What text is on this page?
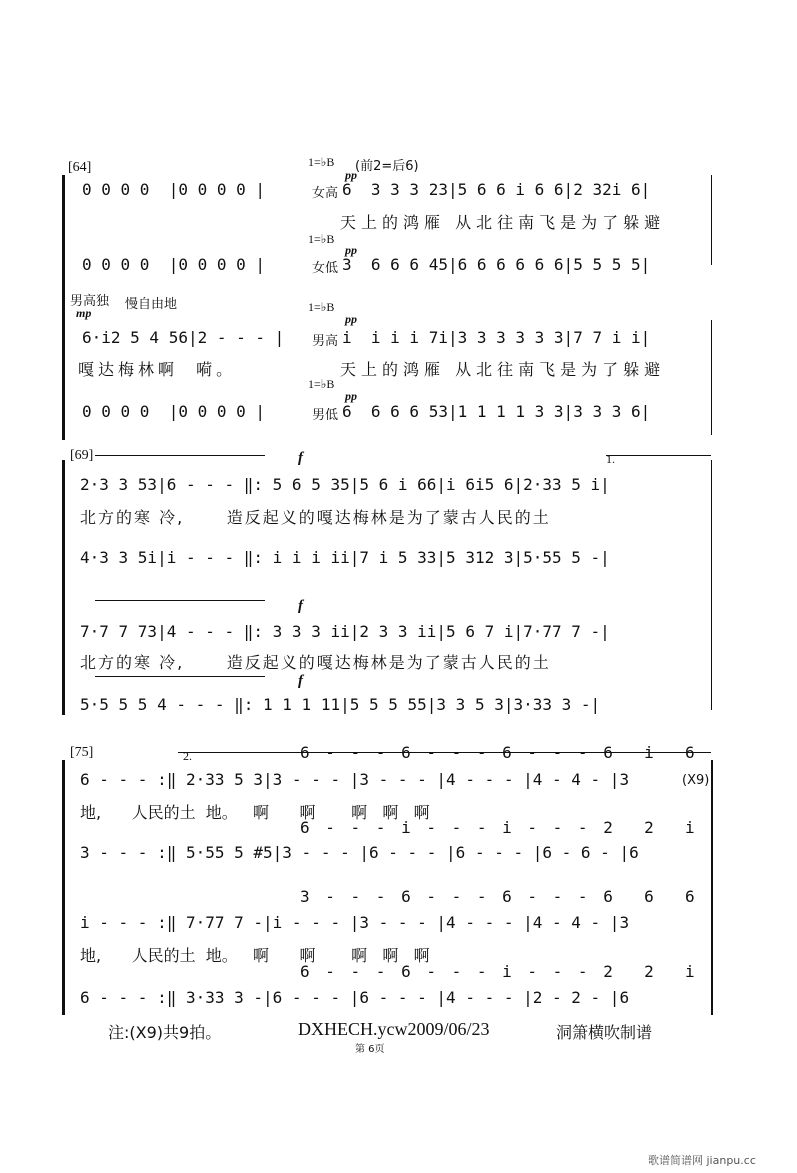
[64]	1=♭B
pp
(前2=后6)
0 0 0 0  |0 0 0 0 |	女高 6  3 3 3 23|5 6 6 i 6 6|2 32i 6|
天上的鸿雁 从北往南飞是为了躲避
1=♭B
pp
0 0 0 0  |0 0 0 0 |	女低 3  6 6 6 45|6 6 6 6 6 6|5 5 5 5|
男高独 慢自由地
mp	1=♭B
pp
6·i2 5 4 56|2 - - - | 男高 i  i i i 7i|3 3 3 3 3 3|7 7 i i|
嘎达梅林啊  嗬。	天上的鸿雁 从北往南飞是为了躲避
1=♭B
pp
0 0 0 0  |0 0 0 0 |	男低 6  6 6 6 53|1 1 1 1 3 3|3 3 3 6|
[69]	1.
f
2·3 3 53|6 - - - ‖: 5 6 5 35|5 6 i 66|i 6i5 6|2·33 5 i|
北方的寒 冷,      造反起义的嘎达梅林是为了蒙古人民的土
4·3 3 5i|i - - - ‖: i i i ii|7 i 5 33|5 312 3|5·55 5 -|
f
7·7 7 73|4 - - - ‖: 3 3 3 ii|2 3 3 ii|5 6 7 i|7·77 7 -|
北方的寒 冷,      造反起义的嘎达梅林是为了蒙古人民的土
f
5·5 5 5 4 - - - ‖: 1 1 1 11|5 5 5 55|3 3 5 3|3·33 3 -|
[75]	2.	6 - - - 6 - - - 6 - - - 6  i  6
6 - - - :‖ 2·33 5 3|3 - - - |3 - - - |4 - - - |4 - 4 - |3	(X9)
地,      人民的土  地。   啊      啊       啊   啊   啊
6 - - - i - - - i - - - 2  2  i
3 - - - :‖ 5·55 5 #5|3 - - - |6 - - - |6 - - - |6 - 6 - |6
3 - - - 6 - - - 6 - - - 6  6  6
i - - - :‖ 7·77 7 -|i - - - |3 - - - |4 - - - |4 - 4 - |3
地,      人民的土  地。   啊      啊       啊   啊   啊
6 - - - 6 - - - i - - - 2  2  i
6 - - - :‖ 3·33 3 -|6 - - - |6 - - - |4 - - - |2 - 2 - |6
注:(X9)共9拍。	DXHECH.ycw2009/06/23	洞箫横吹制谱
第 6页
歌谱简谱网 jianpu.cc
